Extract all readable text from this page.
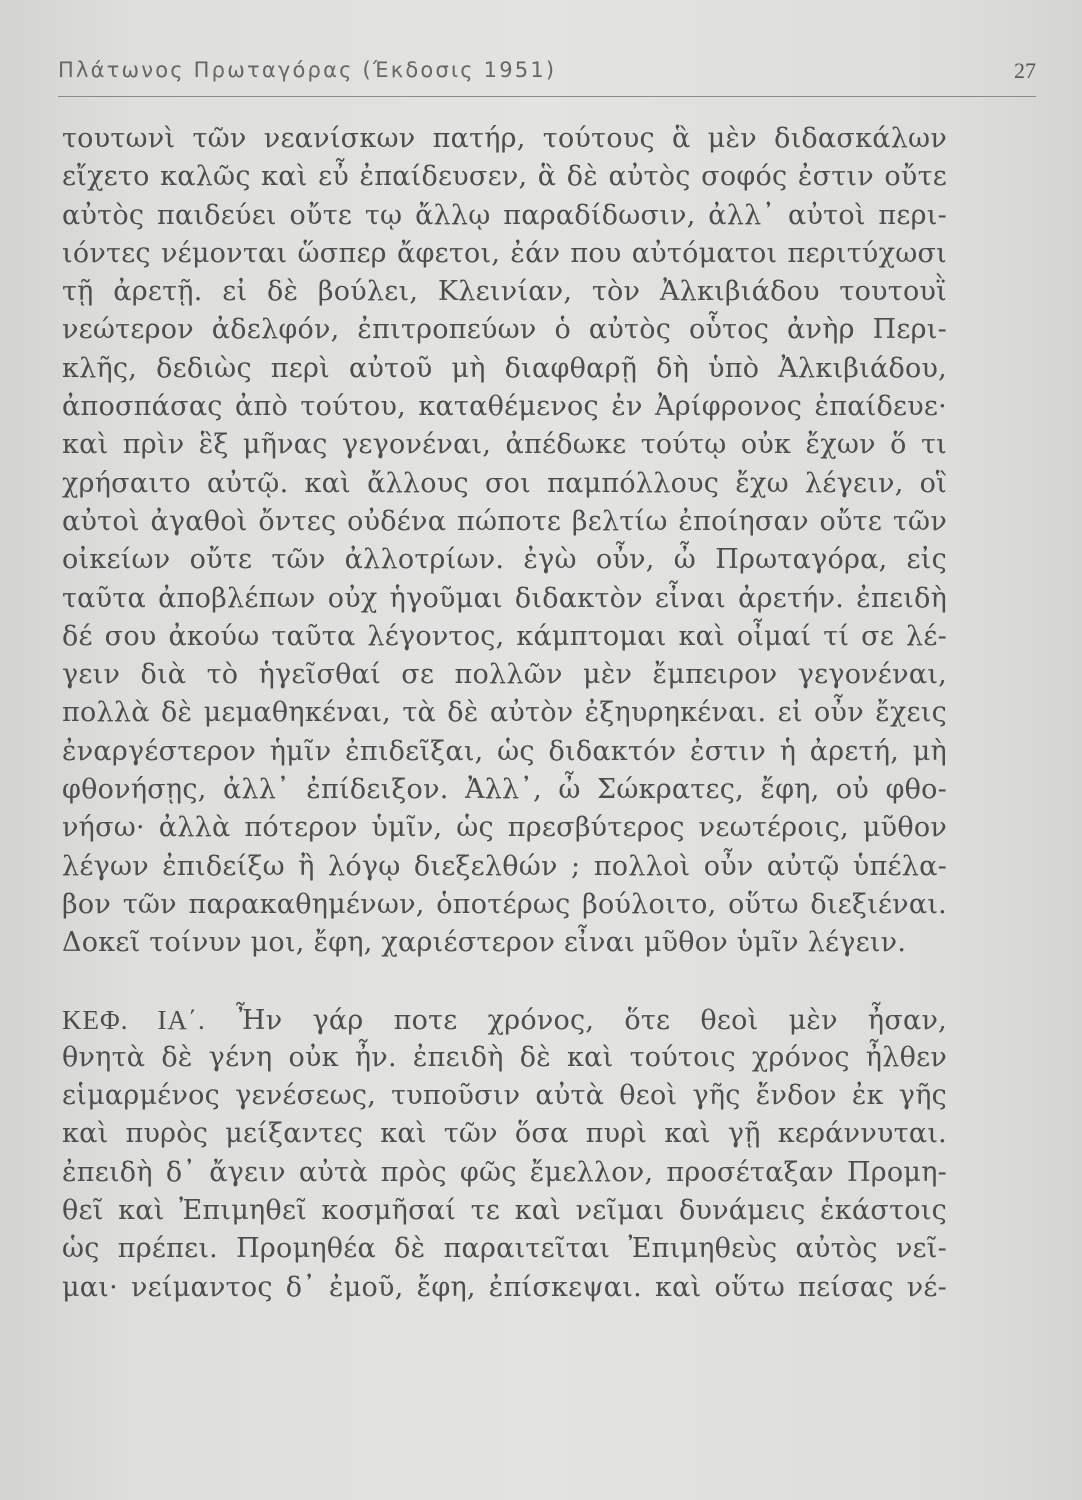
Πλάτωνος Πρωταγόρας (Έκδοσις 1951)	27
τουτωνὶ τῶν νεανίσκων πατήρ, τούτους ἃ μὲν διδασκάλων
εἴχετο καλῶς καὶ εὖ ἐπαίδευσεν, ἃ δὲ αὐτὸς σοφός ἐστιν οὔτε
αὐτὸς παιδεύει οὔτε τῳ ἄλλῳ παραδίδωσιν, ἀλλ᾽ αὐτοὶ περι-
ιόντες νέμονται ὥσπερ ἄφετοι, ἐάν που αὐτόματοι περιτύχωσι
τῇ ἀρετῇ. εἰ δὲ βούλει, Κλεινίαν, τὸν Ἀλκιβιάδου τουτουῒ
νεώτερον ἀδελφόν, ἐπιτροπεύων ὁ αὐτὸς οὗτος ἀνὴρ Περι-
κλῆς, δεδιὼς περὶ αὐτοῦ μὴ διαφθαρῇ δὴ ὑπὸ Ἀλκιβιάδου,
ἀποσπάσας ἀπὸ τούτου, καταθέμενος ἐν Ἀρίφρονος ἐπαίδευε·
καὶ πρὶν ἓξ μῆνας γεγονέναι, ἀπέδωκε τούτῳ οὐκ ἔχων ὅ τι
χρήσαιτο αὐτῷ. καὶ ἄλλους σοι παμπόλλους ἔχω λέγειν, οἳ
αὐτοὶ ἀγαθοὶ ὄντες οὐδένα πώποτε βελτίω ἐποίησαν οὔτε τῶν
οἰκείων οὔτε τῶν ἀλλοτρίων. ἐγὼ οὖν, ὦ Πρωταγόρα, εἰς
ταῦτα ἀποβλέπων οὐχ ἡγοῦμαι διδακτὸν εἶναι ἀρετήν. ἐπειδὴ
δέ σου ἀκούω ταῦτα λέγοντος, κάμπτομαι καὶ οἶμαί τί σε λέ-
γειν διὰ τὸ ἡγεῖσθαί σε πολλῶν μὲν ἔμπειρον γεγονέναι,
πολλὰ δὲ μεμαθηκέναι, τὰ δὲ αὐτὸν ἐξηυρηκέναι. εἰ οὖν ἔχεις
ἐναργέστερον ἡμῖν ἐπιδεῖξαι, ὡς διδακτόν ἐστιν ἡ ἀρετή, μὴ
φθονήσῃς, ἀλλ᾽ ἐπίδειξον. Ἀλλ᾽, ὦ Σώκρατες, ἔφη, οὐ φθο-
νήσω· ἀλλὰ πότερον ὑμῖν, ὡς πρεσβύτερος νεωτέροις, μῦθον
λέγων ἐπιδείξω ἢ λόγῳ διεξελθών ; πολλοὶ οὖν αὐτῷ ὑπέλα-
βον τῶν παρακαθημένων, ὁποτέρως βούλοιτο, οὕτω διεξιέναι.
Δοκεῖ τοίνυν μοι, ἔφη, χαριέστερον εἶναι μῦθον ὑμῖν λέγειν.
ΚΕΦ. ΙΑ΄. Ἦν γάρ ποτε χρόνος, ὅτε θεοὶ μὲν ἦσαν,
θνητὰ δὲ γένη οὐκ ἦν. ἐπειδὴ δὲ καὶ τούτοις χρόνος ἦλθεν
εἱμαρμένος γενέσεως, τυποῦσιν αὐτὰ θεοὶ γῆς ἔνδον ἐκ γῆς
καὶ πυρὸς μείξαντες καὶ τῶν ὅσα πυρὶ καὶ γῇ κεράννυται.
ἐπειδὴ δ᾽ ἄγειν αὐτὰ πρὸς φῶς ἔμελλον, προσέταξαν Προμη-
θεῖ καὶ Ἐπιμηθεῖ κοσμῆσαί τε καὶ νεῖμαι δυνάμεις ἑκάστοις
ὡς πρέπει. Προμηθέα δὲ παραιτεῖται Ἐπιμηθεὺς αὐτὸς νεῖ-
μαι· νείμαντος δ᾽ ἐμοῦ, ἔφη, ἐπίσκεψαι. καὶ οὕτω πείσας νέ-
